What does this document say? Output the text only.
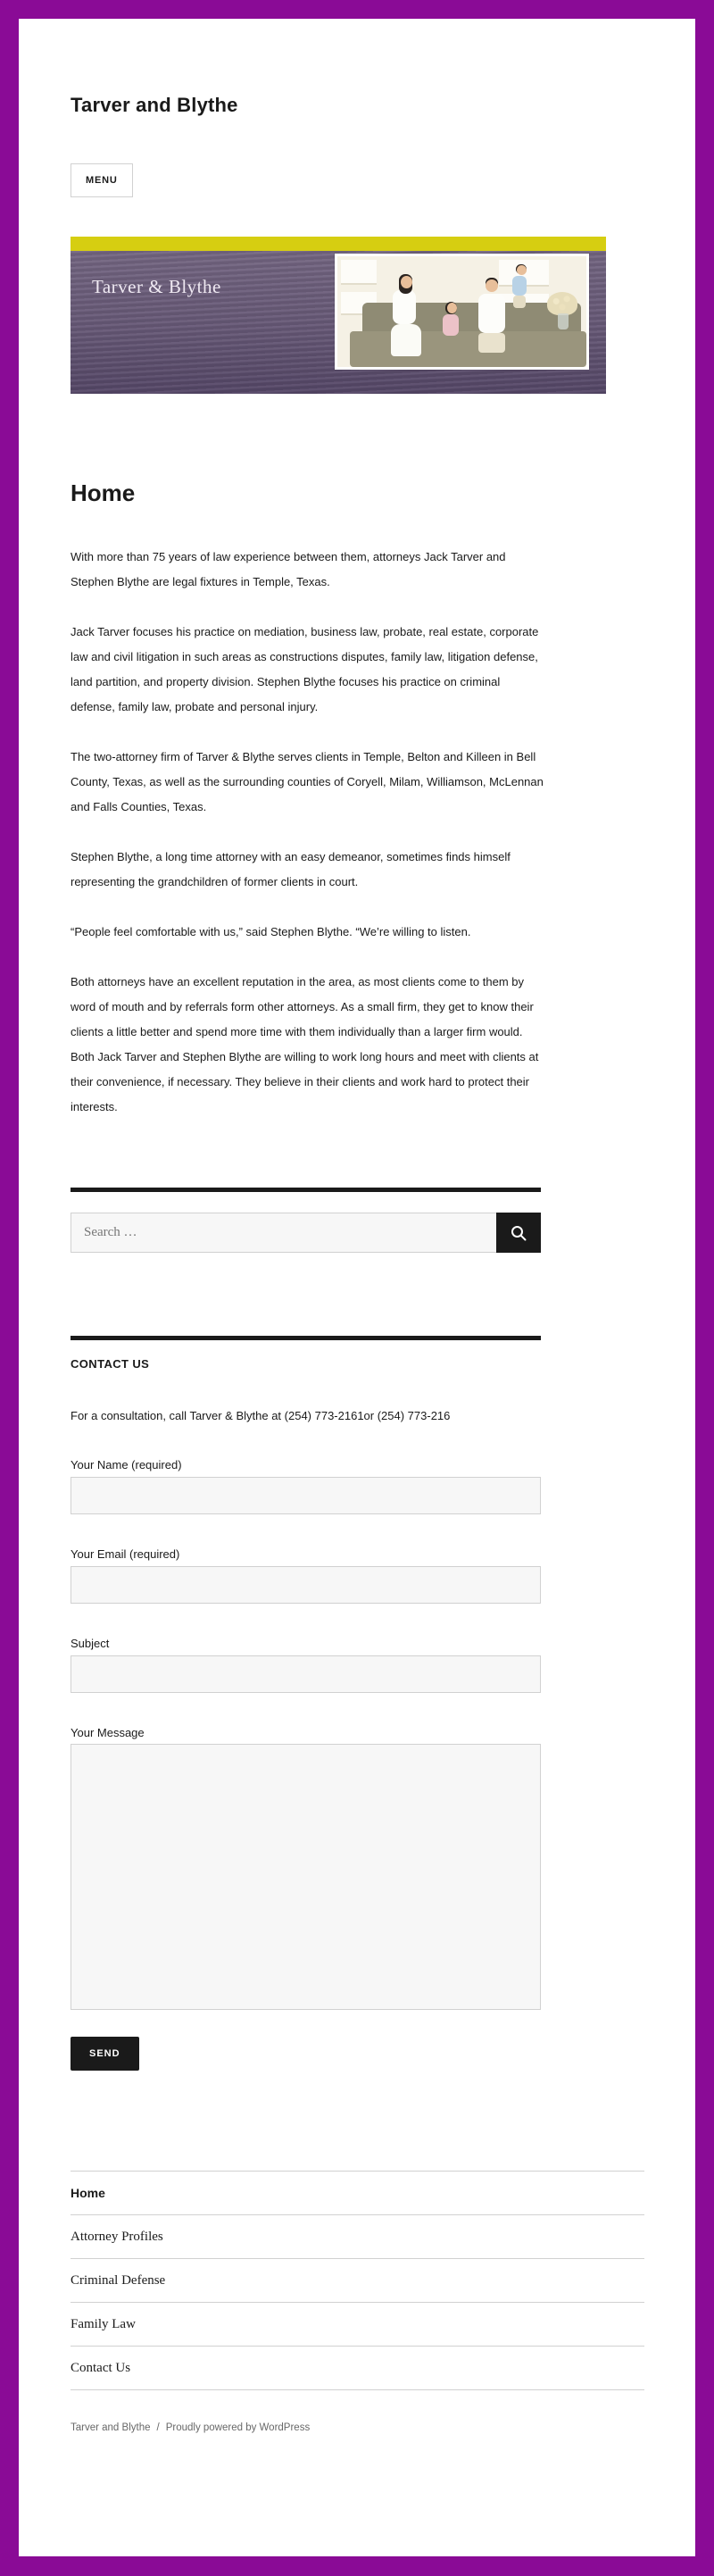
Tarver and Blythe
MENU
Tarver & Blythe
Home

With more than 75 years of law experience between them, attorneys Jack Tarver and Stephen Blythe are legal fixtures in Temple, Texas.

Jack Tarver focuses his practice on mediation, business law, probate, real estate, corporate law and civil litigation in such areas as constructions disputes, family law, litigation defense, land partition, and property division. Stephen Blythe focuses his practice on criminal defense, family law, probate and personal injury.

The two-attorney firm of Tarver & Blythe serves clients in Temple, Belton and Killeen in Bell County, Texas, as well as the surrounding counties of Coryell, Milam, Williamson, McLennan and Falls Counties, Texas.

Stephen Blythe, a long time attorney with an easy demeanor, sometimes finds himself representing the grandchildren of former clients in court.

“People feel comfortable with us,” said Stephen Blythe. “We’re willing to listen.

Both attorneys have an excellent reputation in the area, as most clients come to them by word of mouth and by referrals form other attorneys. As a small firm, they get to know their clients a little better and spend more time with them individually than a larger firm would. Both Jack Tarver and Stephen Blythe are willing to work long hours and meet with clients at their convenience, if necessary. They believe in their clients and work hard to protect their interests.

Search …
CONTACT US

For a consultation, call Tarver & Blythe at (254) 773-2161or (254) 773-216

Your Name (required)
Your Email (required)
Subject
Your Message
SEND
Home
Attorney Profiles
Criminal Defense
Family Law
Contact Us
Tarver and Blythe / Proudly powered by WordPress
